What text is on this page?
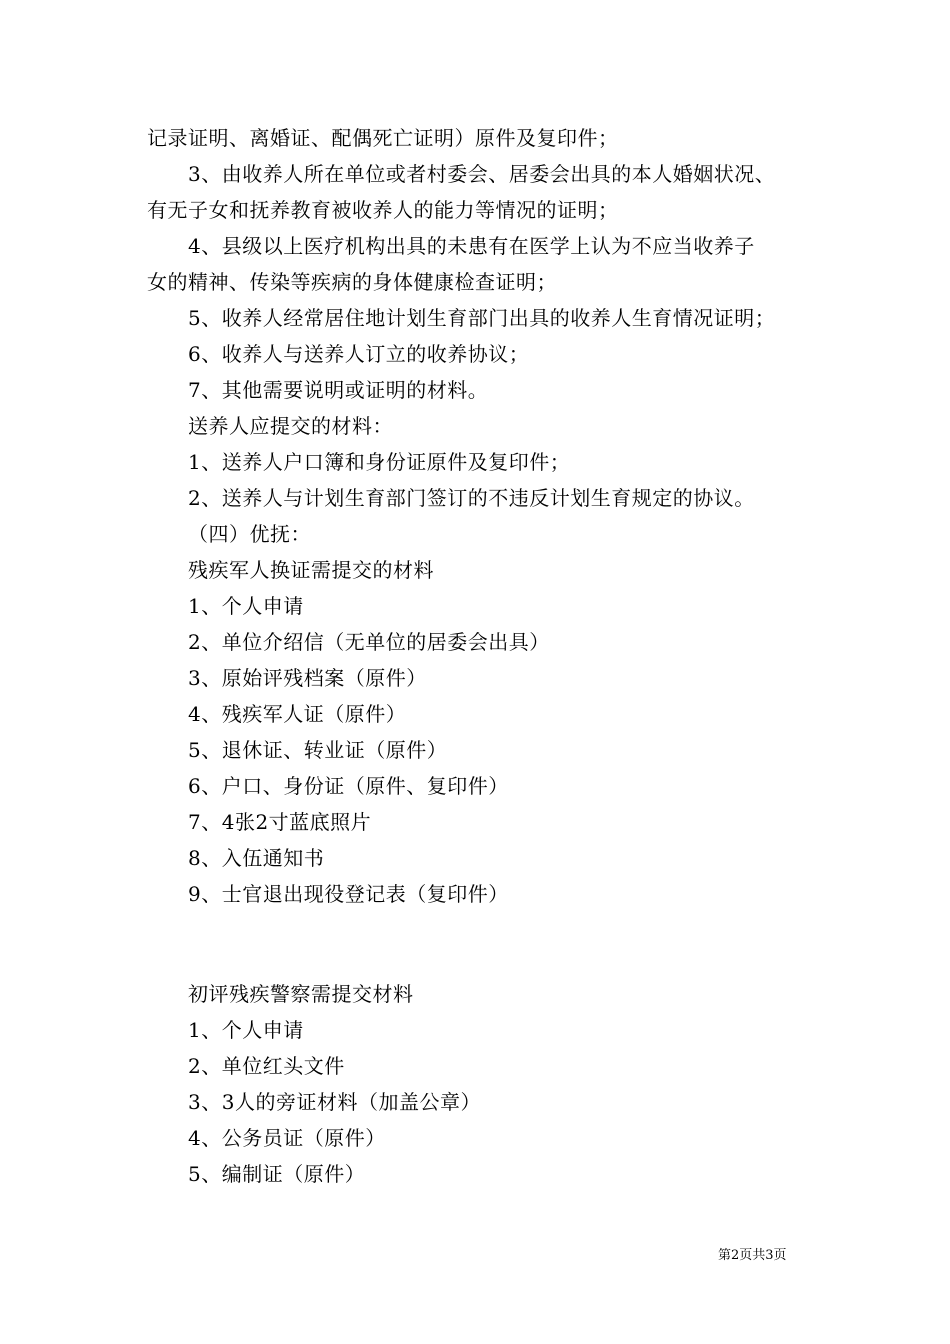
记录证明、离婚证、配偶死亡证明）原件及复印件；
3、由收养人所在单位或者村委会、居委会出具的本人婚姻状况、
有无子女和抚养教育被收养人的能力等情况的证明；
4、县级以上医疗机构出具的未患有在医学上认为不应当收养子
女的精神、传染等疾病的身体健康检查证明；
5、收养人经常居住地计划生育部门出具的收养人生育情况证明；
6、收养人与送养人订立的收养协议；
7、其他需要说明或证明的材料。
送养人应提交的材料：
1、送养人户口簿和身份证原件及复印件；
2、送养人与计划生育部门签订的不违反计划生育规定的协议。
（四）优抚：
残疾军人换证需提交的材料
1、个人申请
2、单位介绍信（无单位的居委会出具）
3、原始评残档案（原件）
4、残疾军人证（原件）
5、退休证、转业证（原件）
6、户口、身份证（原件、复印件）
7、4张2寸蓝底照片
8、入伍通知书
9、士官退出现役登记表（复印件）
初评残疾警察需提交材料
1、个人申请
2、单位红头文件
3、3人的旁证材料（加盖公章）
4、公务员证（原件）
5、编制证（原件）
第2页共3页
